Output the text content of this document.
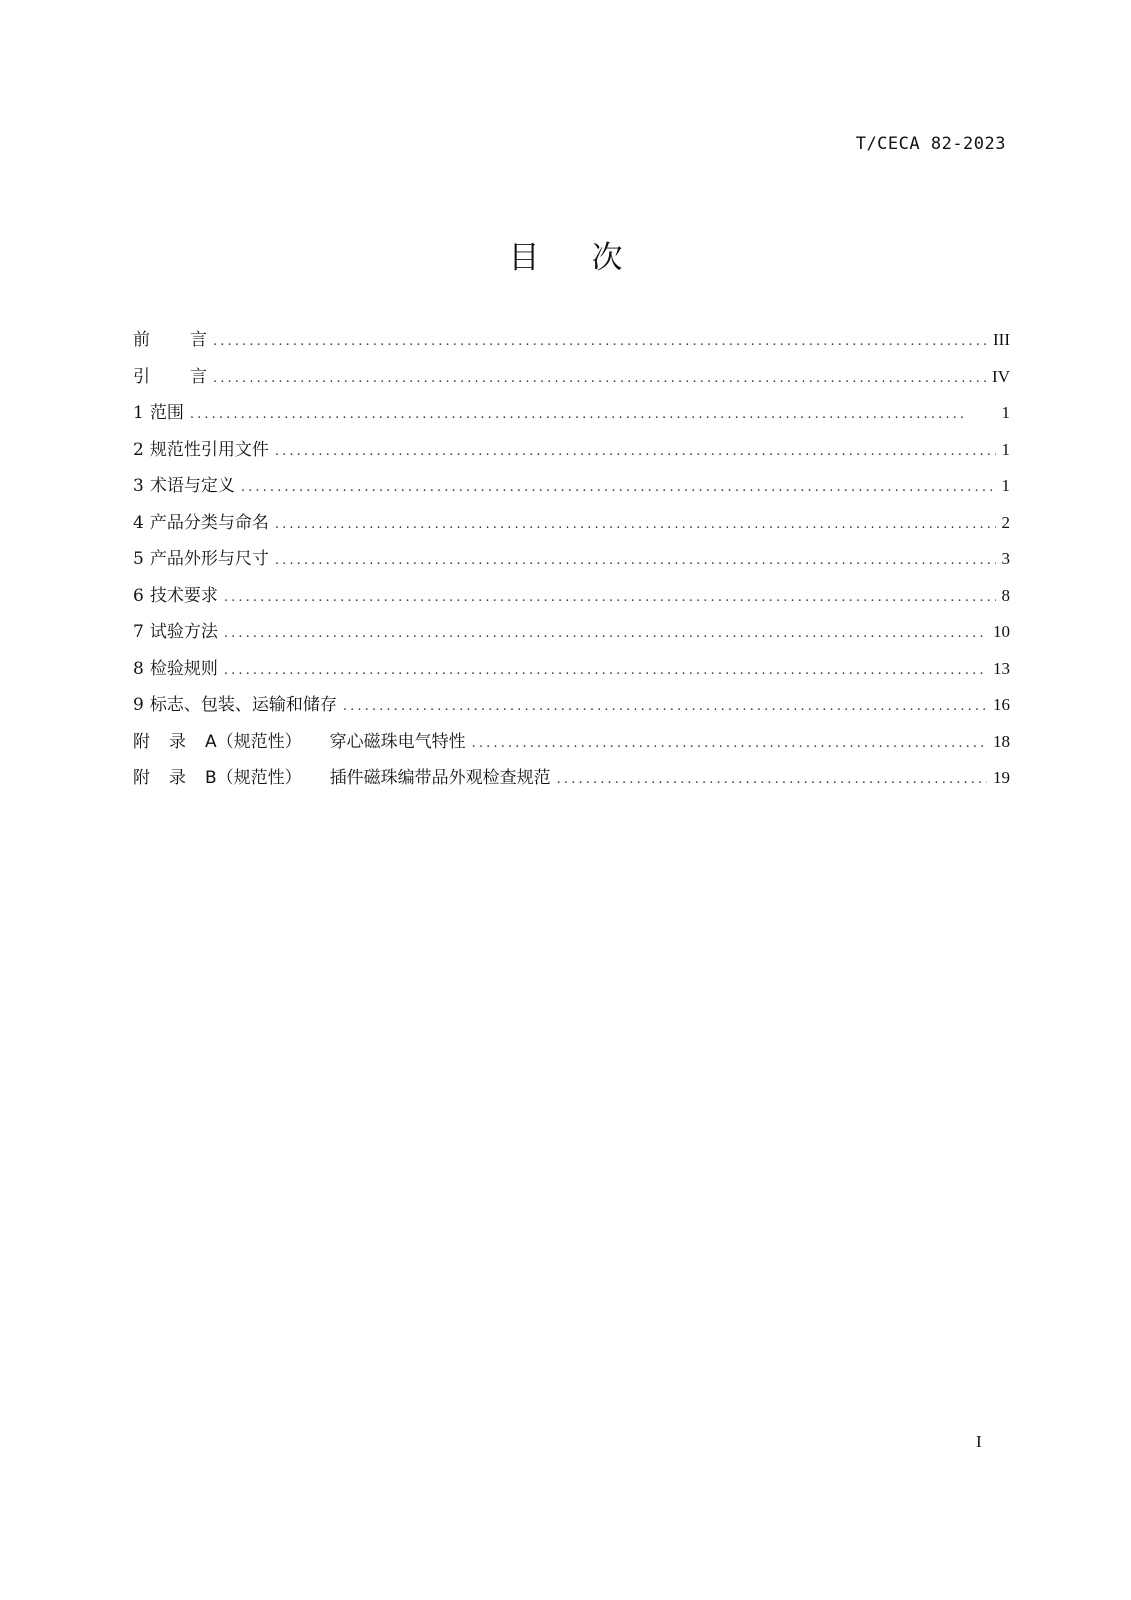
T/CECA 82-2023
目 次
前 言 . . .	III
引 言 . . .	IV
1 范围 . . .	1
2 规范性引用文件 . . .	1
3 术语与定义 . . .	1
4 产品分类与命名 . . .	2
5 产品外形与尺寸 . . .	3
6 技术要求 . . .	8
7 试验方法 . . .	10
8 检验规则 . . .	13
9 标志、包装、运输和储存 . . .	16
附 录 A（规范性） 穿心磁珠电气特性 . . .	18
附 录 B（规范性） 插件磁珠编带品外观检查规范 . . .	19
I
